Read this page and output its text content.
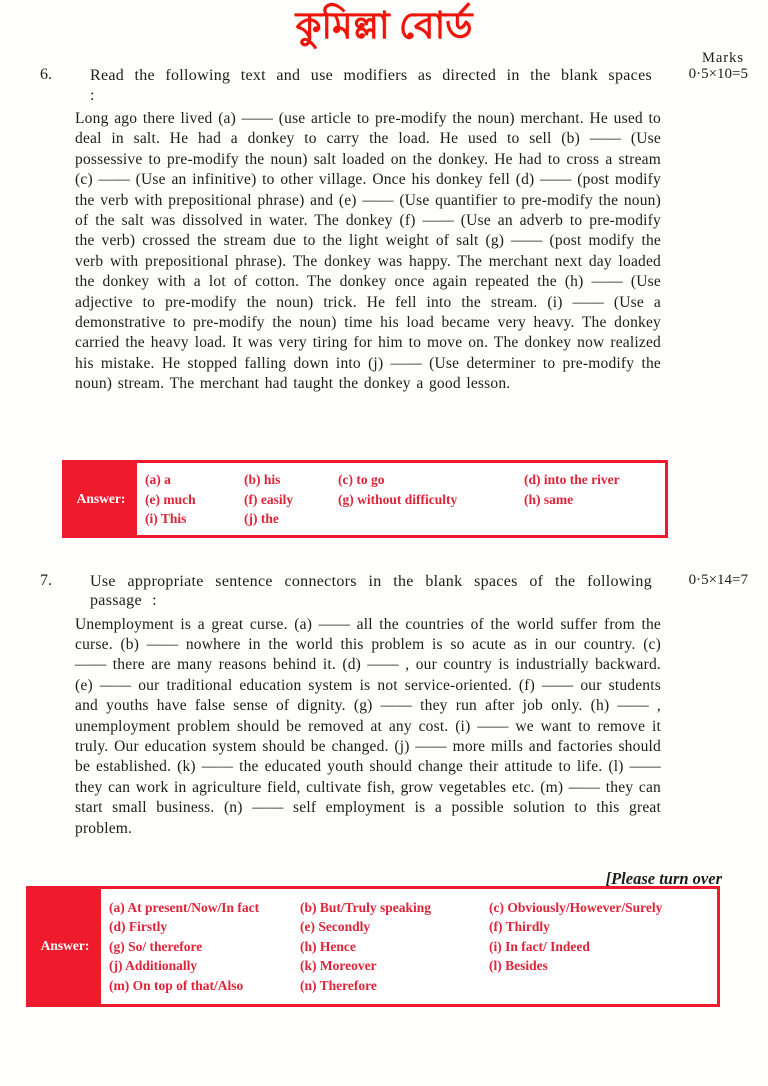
কুমিল্লা বোর্ড
Marks
6.	0·5×10=5
Read the following text and use modifiers as directed in the blank spaces :
Long ago there lived (a) —— (use article to pre-modify the noun) merchant. He used to deal in salt. He had a donkey to carry the load. He used to sell (b) —— (Use possessive to pre-modify the noun) salt loaded on the donkey. He had to cross a stream (c) —— (Use an infinitive) to other village. Once his donkey fell (d) —— (post modify the verb with prepositional phrase) and (e) —— (Use quantifier to pre-modify the noun) of the salt was dissolved in water. The donkey (f) —— (Use an adverb to pre-modify the verb) crossed the stream due to the light weight of salt (g) —— (post modify the verb with prepositional phrase). The donkey was happy. The merchant next day loaded the donkey with a lot of cotton. The donkey once again repeated the (h) —— (Use adjective to pre-modify the noun) trick. He fell into the stream. (i) —— (Use a demonstrative to pre-modify the noun) time his load became very heavy. The donkey carried the heavy load. It was very tiring for him to move on. The donkey now realized his mistake. He stopped falling down into (j) —— (Use determiner to pre-modify the noun) stream. The merchant had taught the donkey a good lesson.
Answer:
(a) a	(b) his	(c) to go	(d) into the river
(e) much	(f) easily	(g) without difficulty	(h) same
(i) This	(j) the
7.	0·5×14=7
Use appropriate sentence connectors in the blank spaces of the following passage :
Unemployment is a great curse. (a) —— all the countries of the world suffer from the curse. (b) —— nowhere in the world this problem is so acute as in our country. (c) —— there are many reasons behind it. (d) —— , our country is industrially backward. (e) —— our traditional education system is not service-oriented. (f) —— our students and youths have false sense of dignity. (g) —— they run after job only. (h) —— , unemployment problem should be removed at any cost. (i) —— we want to remove it truly. Our education system should be changed. (j) —— more mills and factories should be established. (k) —— the educated youth should change their attitude to life. (l) —— they can work in agriculture field, cultivate fish, grow vegetables etc. (m) —— they can start small business. (n) —— self employment is a possible solution to this great problem.
[Please turn over
Answer:
(a) At present/Now/In fact	(b) But/Truly speaking	(c) Obviously/However/Surely
(d) Firstly	(e) Secondly	(f) Thirdly
(g) So/ therefore	(h) Hence	(i) In fact/ Indeed
(j) Additionally	(k) Moreover	(l) Besides
(m) On top of that/Also	(n) Therefore
